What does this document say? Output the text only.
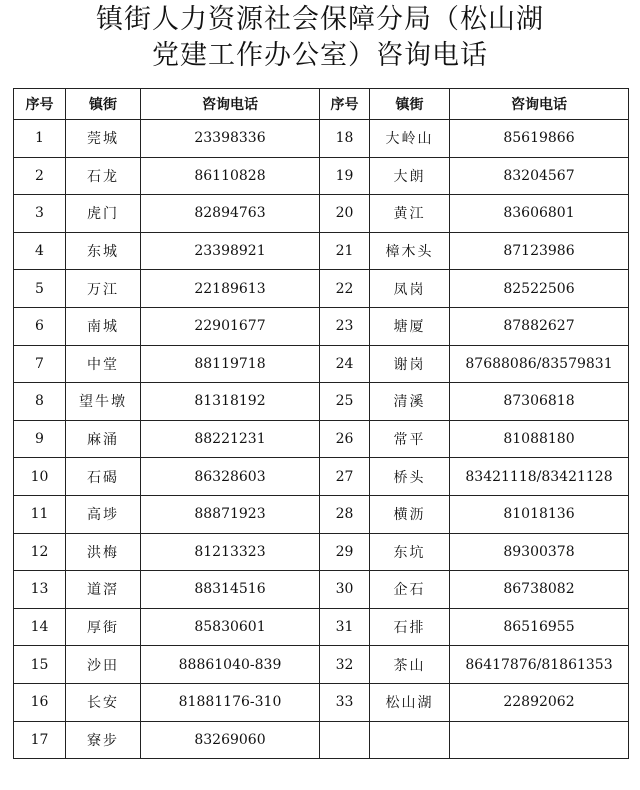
镇街人力资源社会保障分局（松山湖
党建工作办公室）咨询电话
序号	镇街	咨询电话	序号	镇街	咨询电话
1	莞城	23398336	18	大岭山	85619866
2	石龙	86110828	19	大朗	83204567
3	虎门	82894763	20	黄江	83606801
4	东城	23398921	21	樟木头	87123986
5	万江	22189613	22	凤岗	82522506
6	南城	22901677	23	塘厦	87882627
7	中堂	88119718	24	谢岗	87688086/83579831
8	望牛墩	81318192	25	清溪	87306818
9	麻涌	88221231	26	常平	81088180
10	石碣	86328603	27	桥头	83421118/83421128
11	高埗	88871923	28	横沥	81018136
12	洪梅	81213323	29	东坑	89300378
13	道滘	88314516	30	企石	86738082
14	厚街	85830601	31	石排	86516955
15	沙田	88861040-839	32	茶山	86417876/81861353
16	长安	81881176-310	33	松山湖	22892062
17	寮步	83269060			
